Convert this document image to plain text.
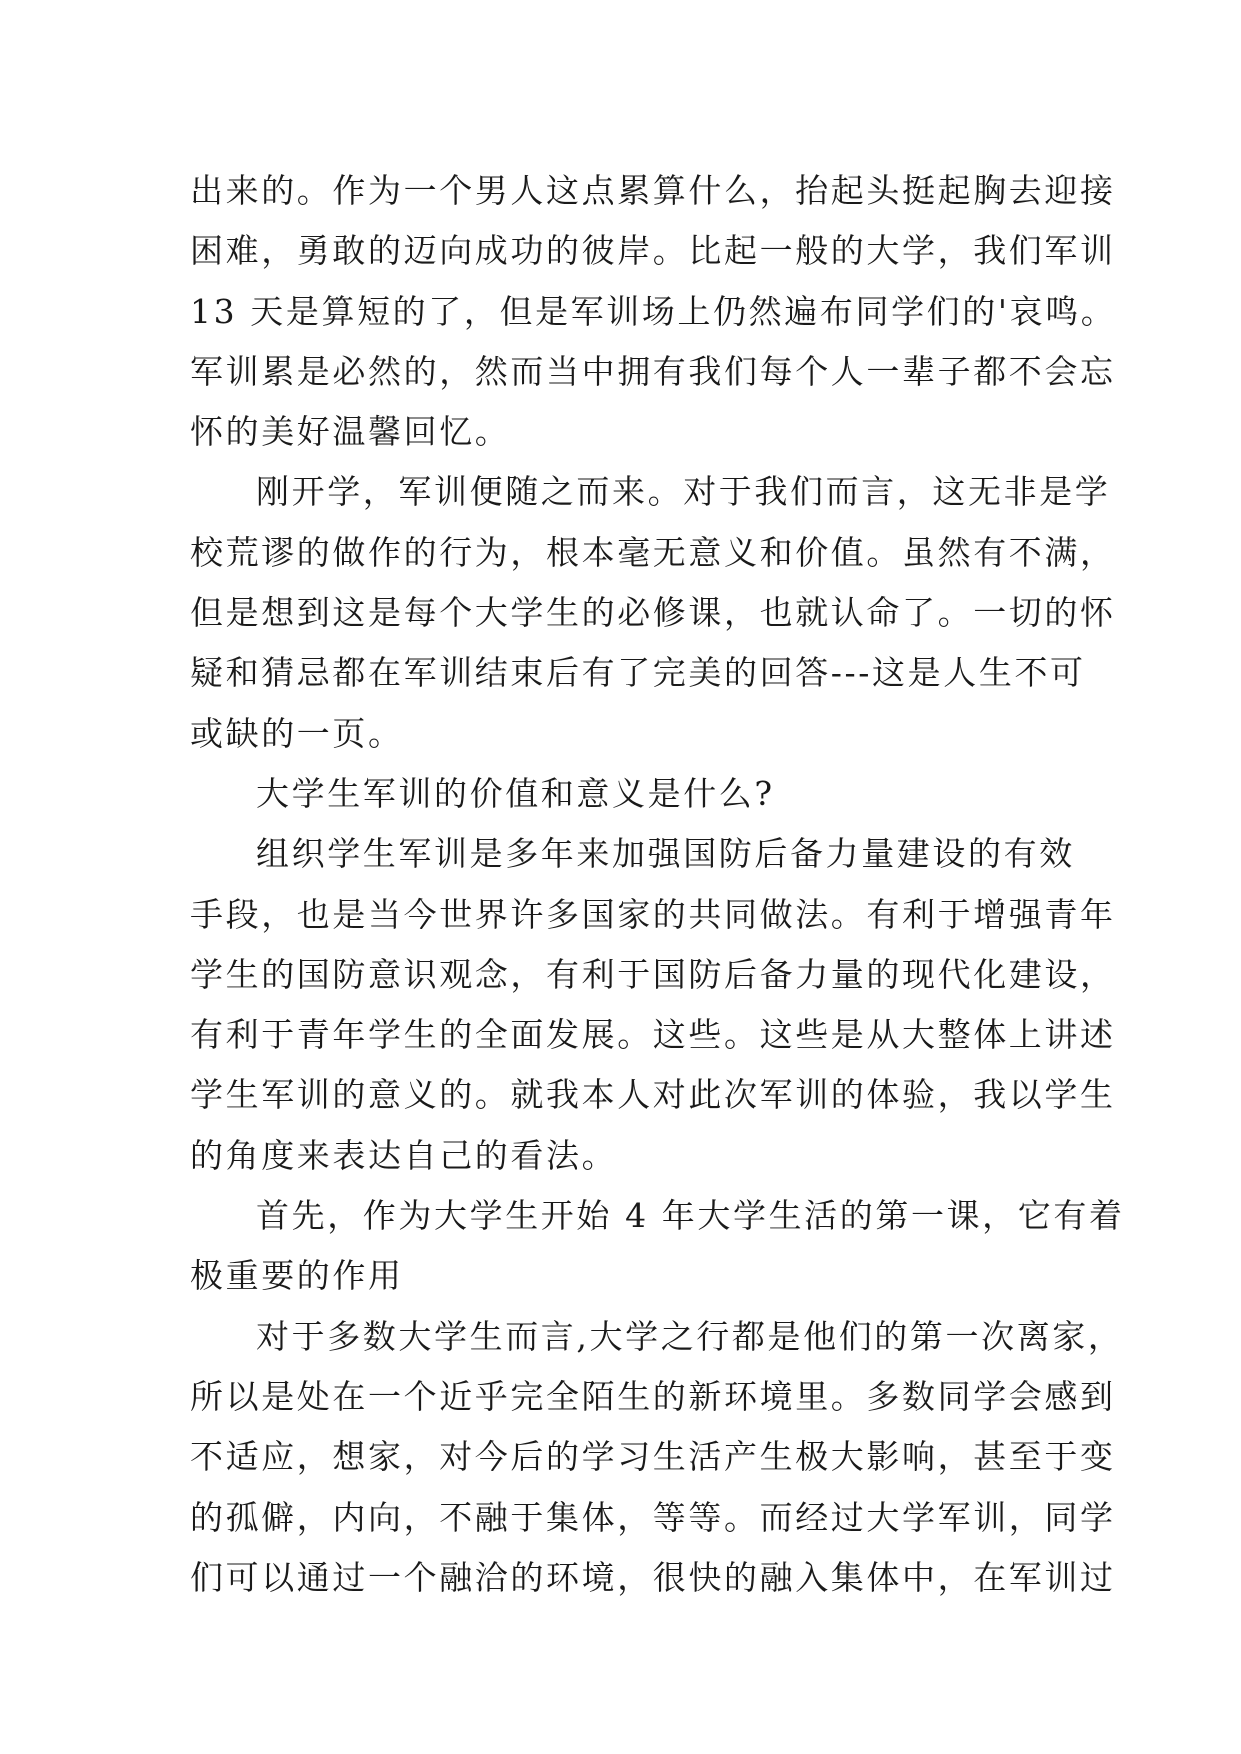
出来的。作为一个男人这点累算什么，抬起头挺起胸去迎接
困难，勇敢的迈向成功的彼岸。比起一般的大学，我们军训
13 天是算短的了，但是军训场上仍然遍布同学们的'哀鸣。
军训累是必然的，然而当中拥有我们每个人一辈子都不会忘
怀的美好温馨回忆。
刚开学，军训便随之而来。对于我们而言，这无非是学
校荒谬的做作的行为，根本毫无意义和价值。虽然有不满，
但是想到这是每个大学生的必修课，也就认命了。一切的怀
疑和猜忌都在军训结束后有了完美的回答---这是人生不可
或缺的一页。
大学生军训的价值和意义是什么?
组织学生军训是多年来加强国防后备力量建设的有效
手段，也是当今世界许多国家的共同做法。有利于增强青年
学生的国防意识观念，有利于国防后备力量的现代化建设，
有利于青年学生的全面发展。这些。这些是从大整体上讲述
学生军训的意义的。就我本人对此次军训的体验，我以学生
的角度来表达自己的看法。
首先，作为大学生开始 4 年大学生活的第一课，它有着
极重要的作用
对于多数大学生而言,大学之行都是他们的第一次离家，
所以是处在一个近乎完全陌生的新环境里。多数同学会感到
不适应，想家，对今后的学习生活产生极大影响，甚至于变
的孤僻，内向，不融于集体，等等。而经过大学军训，同学
们可以通过一个融洽的环境，很快的融入集体中，在军训过
